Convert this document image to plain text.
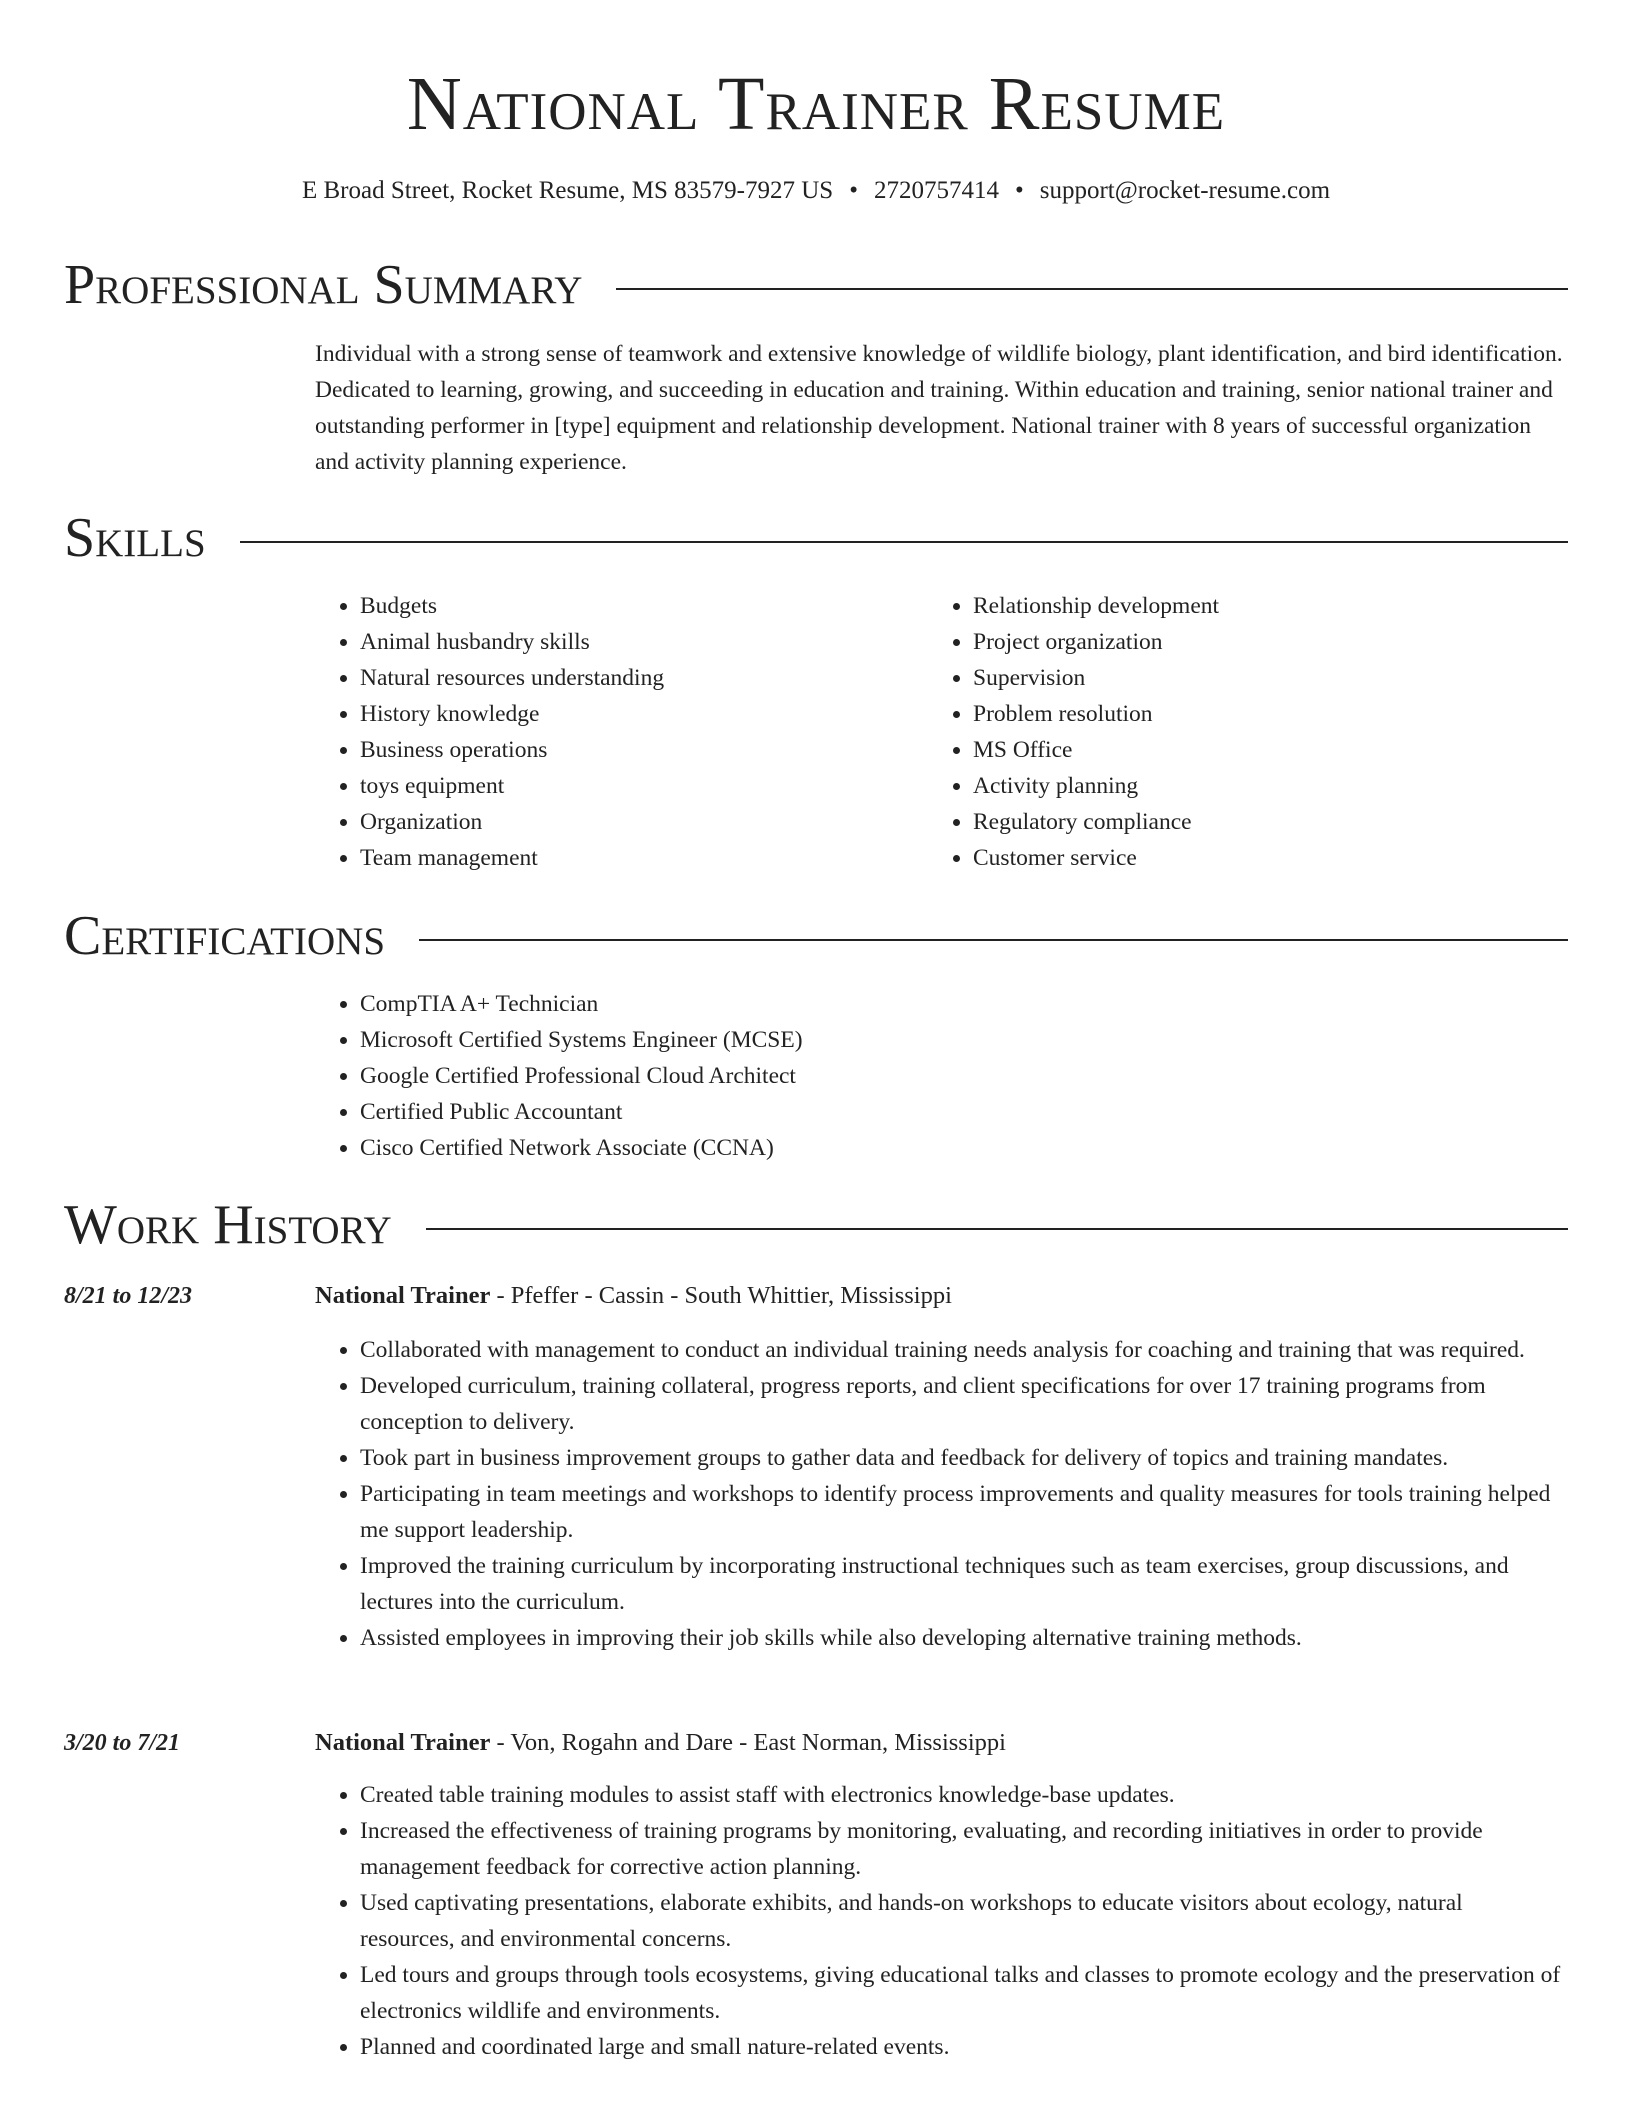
National Trainer Resume
E Broad Street, Rocket Resume, MS 83579-7927 US • 2720757414 • support@rocket-resume.com
Professional Summary
Individual with a strong sense of teamwork and extensive knowledge of wildlife biology, plant identification, and bird identification. Dedicated to learning, growing, and succeeding in education and training. Within education and training, senior national trainer and outstanding performer in [type] equipment and relationship development. National trainer with 8 years of successful organization and activity planning experience.
Skills
• Budgets
• Animal husbandry skills
• Natural resources understanding
• History knowledge
• Business operations
• toys equipment
• Organization
• Team management
• Relationship development
• Project organization
• Supervision
• Problem resolution
• MS Office
• Activity planning
• Regulatory compliance
• Customer service
Certifications
• CompTIA A+ Technician
• Microsoft Certified Systems Engineer (MCSE)
• Google Certified Professional Cloud Architect
• Certified Public Accountant
• Cisco Certified Network Associate (CCNA)
Work History
8/21 to 12/23	National Trainer - Pfeffer - Cassin - South Whittier, Mississippi
• Collaborated with management to conduct an individual training needs analysis for coaching and training that was required.
• Developed curriculum, training collateral, progress reports, and client specifications for over 17 training programs from conception to delivery.
• Took part in business improvement groups to gather data and feedback for delivery of topics and training mandates.
• Participating in team meetings and workshops to identify process improvements and quality measures for tools training helped me support leadership.
• Improved the training curriculum by incorporating instructional techniques such as team exercises, group discussions, and lectures into the curriculum.
• Assisted employees in improving their job skills while also developing alternative training methods.
3/20 to 7/21	National Trainer - Von, Rogahn and Dare - East Norman, Mississippi
• Created table training modules to assist staff with electronics knowledge-base updates.
• Increased the effectiveness of training programs by monitoring, evaluating, and recording initiatives in order to provide management feedback for corrective action planning.
• Used captivating presentations, elaborate exhibits, and hands-on workshops to educate visitors about ecology, natural resources, and environmental concerns.
• Led tours and groups through tools ecosystems, giving educational talks and classes to promote ecology and the preservation of electronics wildlife and environments.
• Planned and coordinated large and small nature-related events.
